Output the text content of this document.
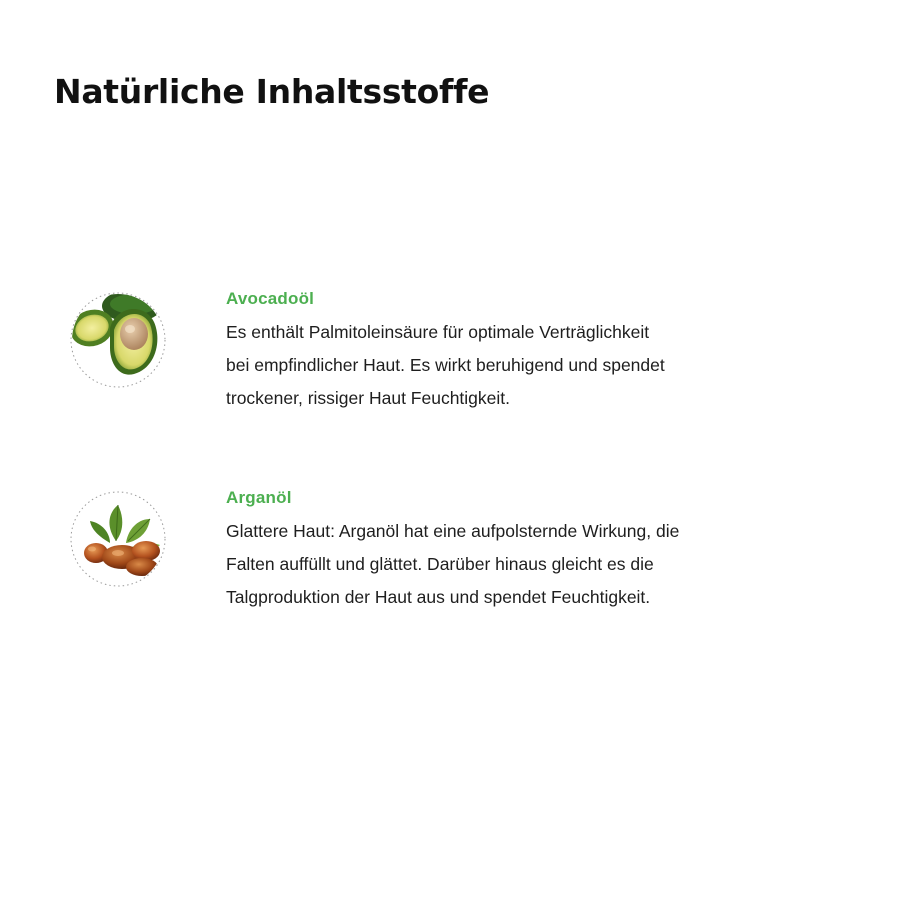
Natürliche Inhaltsstoffe
Avocadoöl

Es enthält Palmitoleinsäure für optimale Verträglichkeit
bei empfindlicher Haut. Es wirkt beruhigend und spendet
trockener, rissiger Haut Feuchtigkeit.

Arganöl

Glattere Haut: Arganöl hat eine aufpolsternde Wirkung, die
Falten auffüllt und glättet. Darüber hinaus gleicht es die
Talgproduktion der Haut aus und spendet Feuchtigkeit.
